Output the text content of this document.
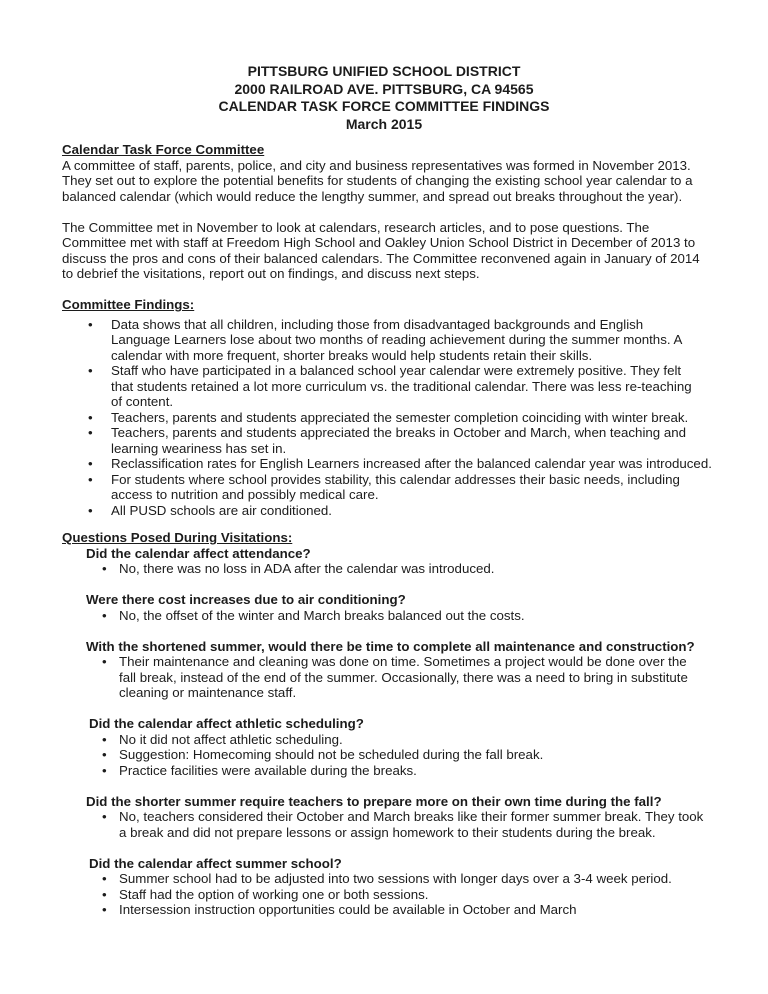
PITTSBURG UNIFIED SCHOOL DISTRICT
2000 RAILROAD AVE. PITTSBURG, CA 94565
CALENDAR TASK FORCE COMMITTEE FINDINGS
March 2015
Calendar Task Force Committee
A committee of staff, parents, police, and city and business representatives was formed in November 2013. They set out to explore the potential benefits for students of changing the existing school year calendar to a balanced calendar (which would reduce the lengthy summer, and spread out breaks throughout the year).
The Committee met in November to look at calendars, research articles, and to pose questions. The Committee met with staff at Freedom High School and Oakley Union School District in December of 2013 to discuss the pros and cons of their balanced calendars. The Committee reconvened again in January of 2014 to debrief the visitations, report out on findings, and discuss next steps.
Committee Findings:
•
Data shows that all children, including those from disadvantaged backgrounds and English Language Learners lose about two months of reading achievement during the summer months. A calendar with more frequent, shorter breaks would help students retain their skills.
•
Staff who have participated in a balanced school year calendar were extremely positive. They felt that students retained a lot more curriculum vs. the traditional calendar. There was less re-teaching of content.
•
Teachers, parents and students appreciated the semester completion coinciding with winter break.
•
Teachers, parents and students appreciated the breaks in October and March, when teaching and learning weariness has set in.
•
Reclassification rates for English Learners increased after the balanced calendar year was introduced.
•
For students where school provides stability, this calendar addresses their basic needs, including access to nutrition and possibly medical care.
•
All PUSD schools are air conditioned.
Questions Posed During Visitations:
Did the calendar affect attendance?
•
No, there was no loss in ADA after the calendar was introduced.
Were there cost increases due to air conditioning?
•
No, the offset of the winter and March breaks balanced out the costs.
With the shortened summer, would there be time to complete all maintenance and construction?
•
Their maintenance and cleaning was done on time. Sometimes a project would be done over the fall break, instead of the end of the summer. Occasionally, there was a need to bring in substitute cleaning or maintenance staff.
Did the calendar affect athletic scheduling?
•
No it did not affect athletic scheduling.
•
Suggestion: Homecoming should not be scheduled during the fall break.
•
Practice facilities were available during the breaks.
Did the shorter summer require teachers to prepare more on their own time during the fall?
•
No, teachers considered their October and March breaks like their former summer break. They took a break and did not prepare lessons or assign homework to their students during the break.
Did the calendar affect summer school?
•
Summer school had to be adjusted into two sessions with longer days over a 3-4 week period.
•
Staff had the option of working one or both sessions.
•
Intersession instruction opportunities could be available in October and March
